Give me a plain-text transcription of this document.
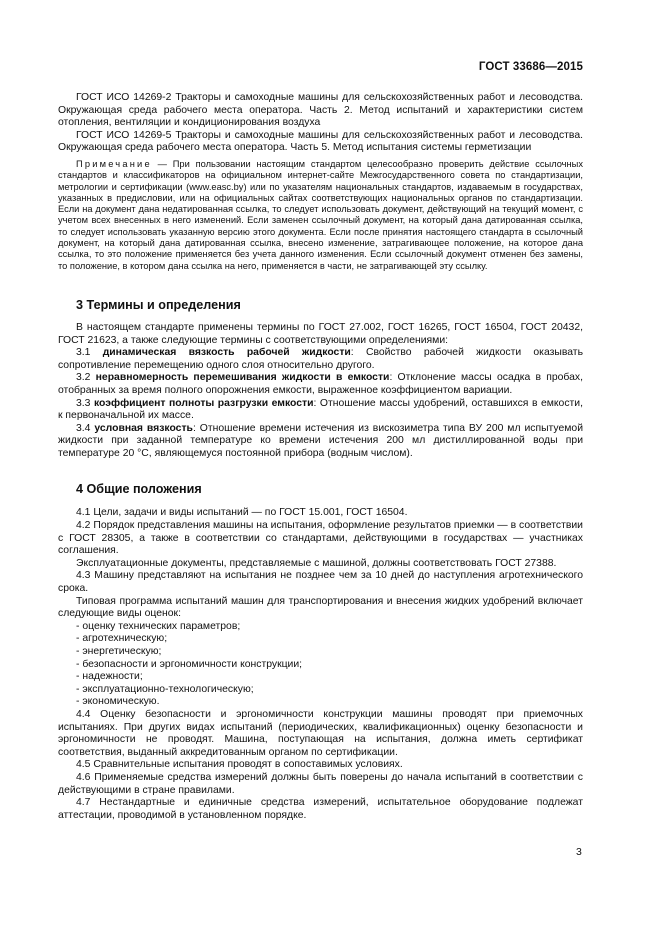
ГОСТ 33686—2015

ГОСТ ИСО 14269-2 Тракторы и самоходные машины для сельскохозяйственных работ и лесоводства. Окружающая среда рабочего места оператора. Часть 2. Метод испытаний и характеристики систем отопления, вентиляции и кондиционирования воздуха

ГОСТ ИСО 14269-5 Тракторы и самоходные машины для сельскохозяйственных работ и лесоводства. Окружающая среда рабочего места оператора. Часть 5. Метод испытания системы герметизации

Примечание — При пользовании настоящим стандартом целесообразно проверить действие ссылочных стандартов и классификаторов на официальном интернет-сайте Межгосударственного совета по стандартизации, метрологии и сертификации (www.easc.by) или по указателям национальных стандартов, издаваемым в государствах, указанных в предисловии, или на официальных сайтах соответствующих национальных органов по стандартизации. Если на документ дана недатированная ссылка, то следует использовать документ, действующий на текущий момент, с учетом всех внесенных в него изменений. Если заменен ссылочный документ, на который дана датированная ссылка, то следует использовать указанную версию этого документа. Если после принятия настоящего стандарта в ссылочный документ, на который дана датированная ссылка, внесено изменение, затрагивающее положение, на которое дана ссылка, то это положение применяется без учета данного изменения. Если ссылочный документ отменен без замены, то положение, в котором дана ссылка на него, применяется в части, не затрагивающей эту ссылку.

3 Термины и определения

В настоящем стандарте применены термины по ГОСТ 27.002, ГОСТ 16265, ГОСТ 16504, ГОСТ 20432, ГОСТ 21623, а также следующие термины с соответствующими определениями:

3.1 динамическая вязкость рабочей жидкости: Свойство рабочей жидкости оказывать сопротивление перемещению одного слоя относительно другого.

3.2 неравномерность перемешивания жидкости в емкости: Отклонение массы осадка в пробах, отобранных за время полного опорожнения емкости, выраженное коэффициентом вариации.

3.3 коэффициент полноты разгрузки емкости: Отношение массы удобрений, оставшихся в емкости, к первоначальной их массе.

3.4 условная вязкость: Отношение времени истечения из вискозиметра типа ВУ 200 мл испытуемой жидкости при заданной температуре ко времени истечения 200 мл дистиллированной воды при температуре 20 °С, являющемуся постоянной прибора (водным числом).

4 Общие положения

4.1 Цели, задачи и виды испытаний — по ГОСТ 15.001, ГОСТ 16504.

4.2 Порядок представления машины на испытания, оформление результатов приемки — в соответствии с ГОСТ 28305, а также в соответствии со стандартами, действующими в государствах — участниках соглашения.

Эксплуатационные документы, представляемые с машиной, должны соответствовать ГОСТ 27388.

4.3 Машину представляют на испытания не позднее чем за 10 дней до наступления агротехнического срока.

Типовая программа испытаний машин для транспортирования и внесения жидких удобрений включает следующие виды оценок:

- оценку технических параметров;
- агротехническую;
- энергетическую;
- безопасности и эргономичности конструкции;
- надежности;
- эксплуатационно-технологическую;
- экономическую.

4.4 Оценку безопасности и эргономичности конструкции машины проводят при приемочных испытаниях. При других видах испытаний (периодических, квалификационных) оценку безопасности и эргономичности не проводят. Машина, поступающая на испытания, должна иметь сертификат соответствия, выданный аккредитованным органом по сертификации.

4.5 Сравнительные испытания проводят в сопоставимых условиях.

4.6 Применяемые средства измерений должны быть поверены до начала испытаний в соответствии с действующими в стране правилами.

4.7 Нестандартные и единичные средства измерений, испытательное оборудование подлежат аттестации, проводимой в установленном порядке.

3
